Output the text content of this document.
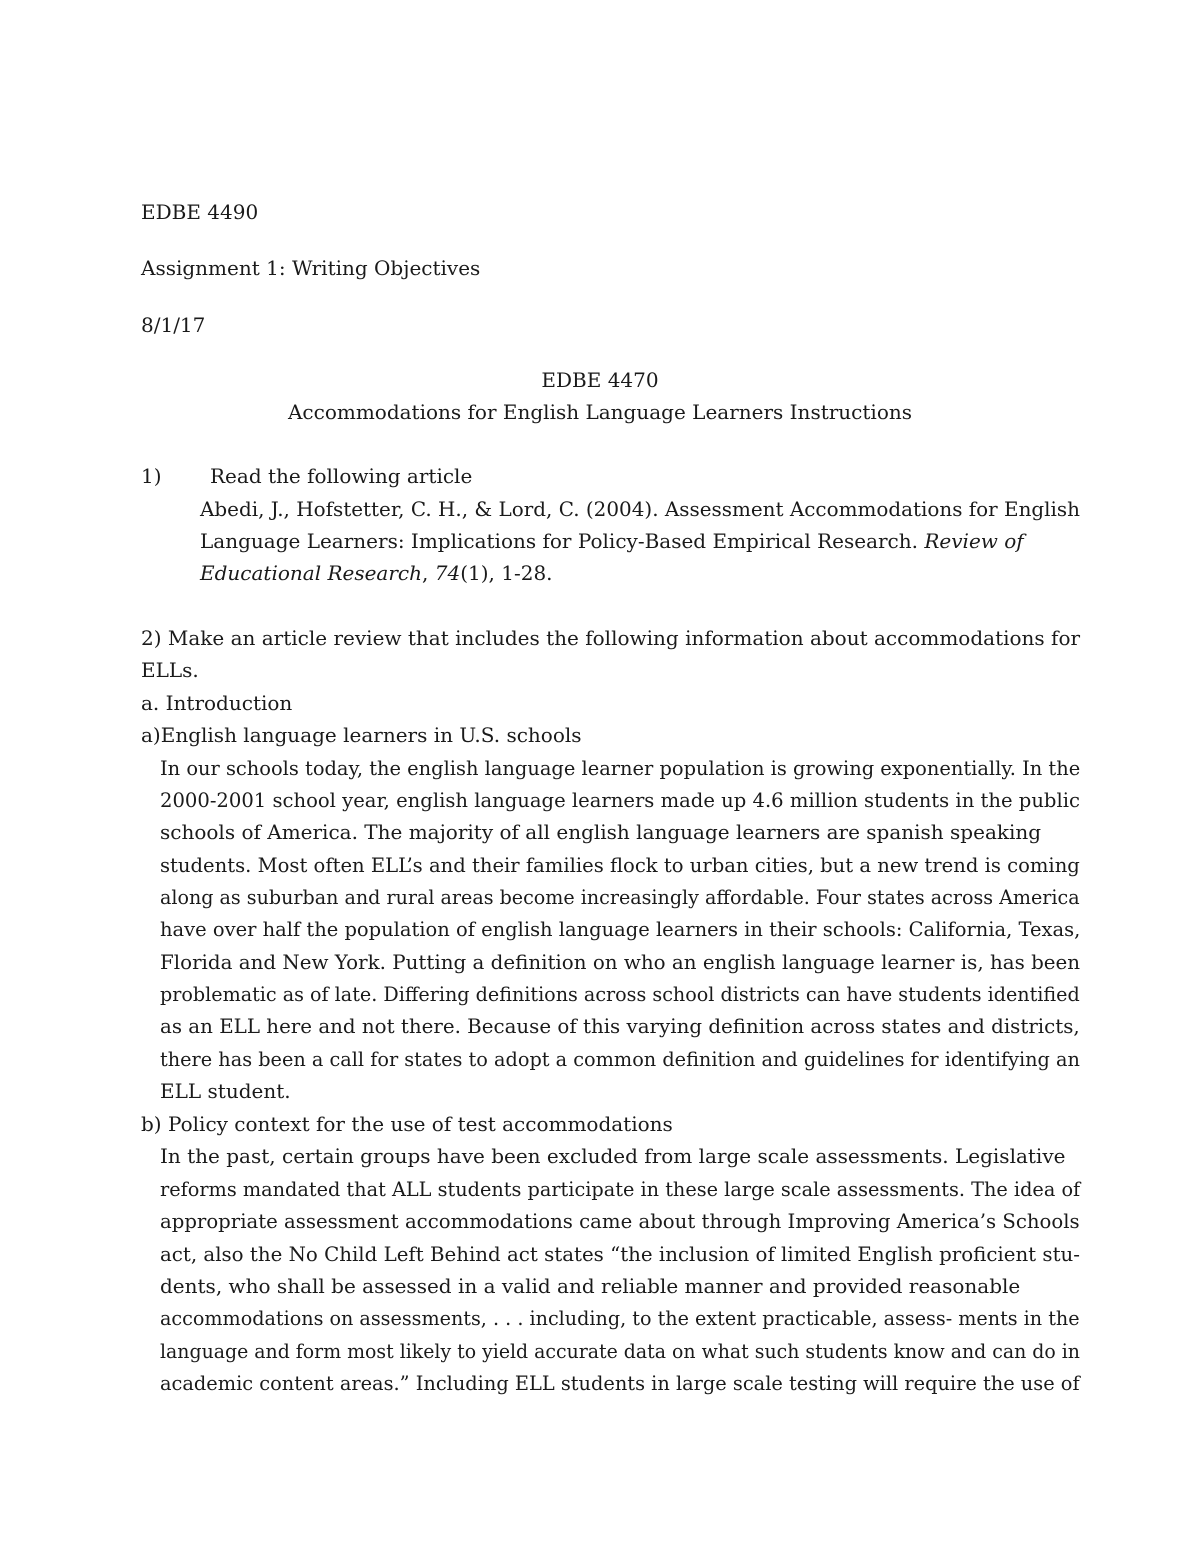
EDBE 4490
Assignment 1: Writing Objectives
8/1/17
EDBE 4470
Accommodations for English Language Learners Instructions
1) Read the following article
Abedi, J., Hofstetter, C. H., & Lord, C. (2004). Assessment Accommodations for English
Language Learners: Implications for Policy-Based Empirical Research. Review of
Educational Research, 74(1), 1-28.
2) Make an article review that includes the following information about accommodations for
ELLs.
a. Introduction
a)English language learners in U.S. schools
In our schools today, the english language learner population is growing exponentially. In the
2000-2001 school year, english language learners made up 4.6 million students in the public
schools of America. The majority of all english language learners are spanish speaking
students. Most often ELL’s and their families flock to urban cities, but a new trend is coming
along as suburban and rural areas become increasingly affordable. Four states across America
have over half the population of english language learners in their schools: California, Texas,
Florida and New York. Putting a definition on who an english language learner is, has been
problematic as of late. Differing definitions across school districts can have students identified
as an ELL here and not there. Because of this varying definition across states and districts,
there has been a call for states to adopt a common definition and guidelines for identifying an
ELL student.
b) Policy context for the use of test accommodations
In the past, certain groups have been excluded from large scale assessments. Legislative
reforms mandated that ALL students participate in these large scale assessments. The idea of
appropriate assessment accommodations came about through Improving America’s Schools
act, also the No Child Left Behind act states “the inclusion of limited English proficient stu-
dents, who shall be assessed in a valid and reliable manner and provided reasonable
accommodations on assessments, . . . including, to the extent practicable, assess- ments in the
language and form most likely to yield accurate data on what such students know and can do in
academic content areas.” Including ELL students in large scale testing will require the use of
